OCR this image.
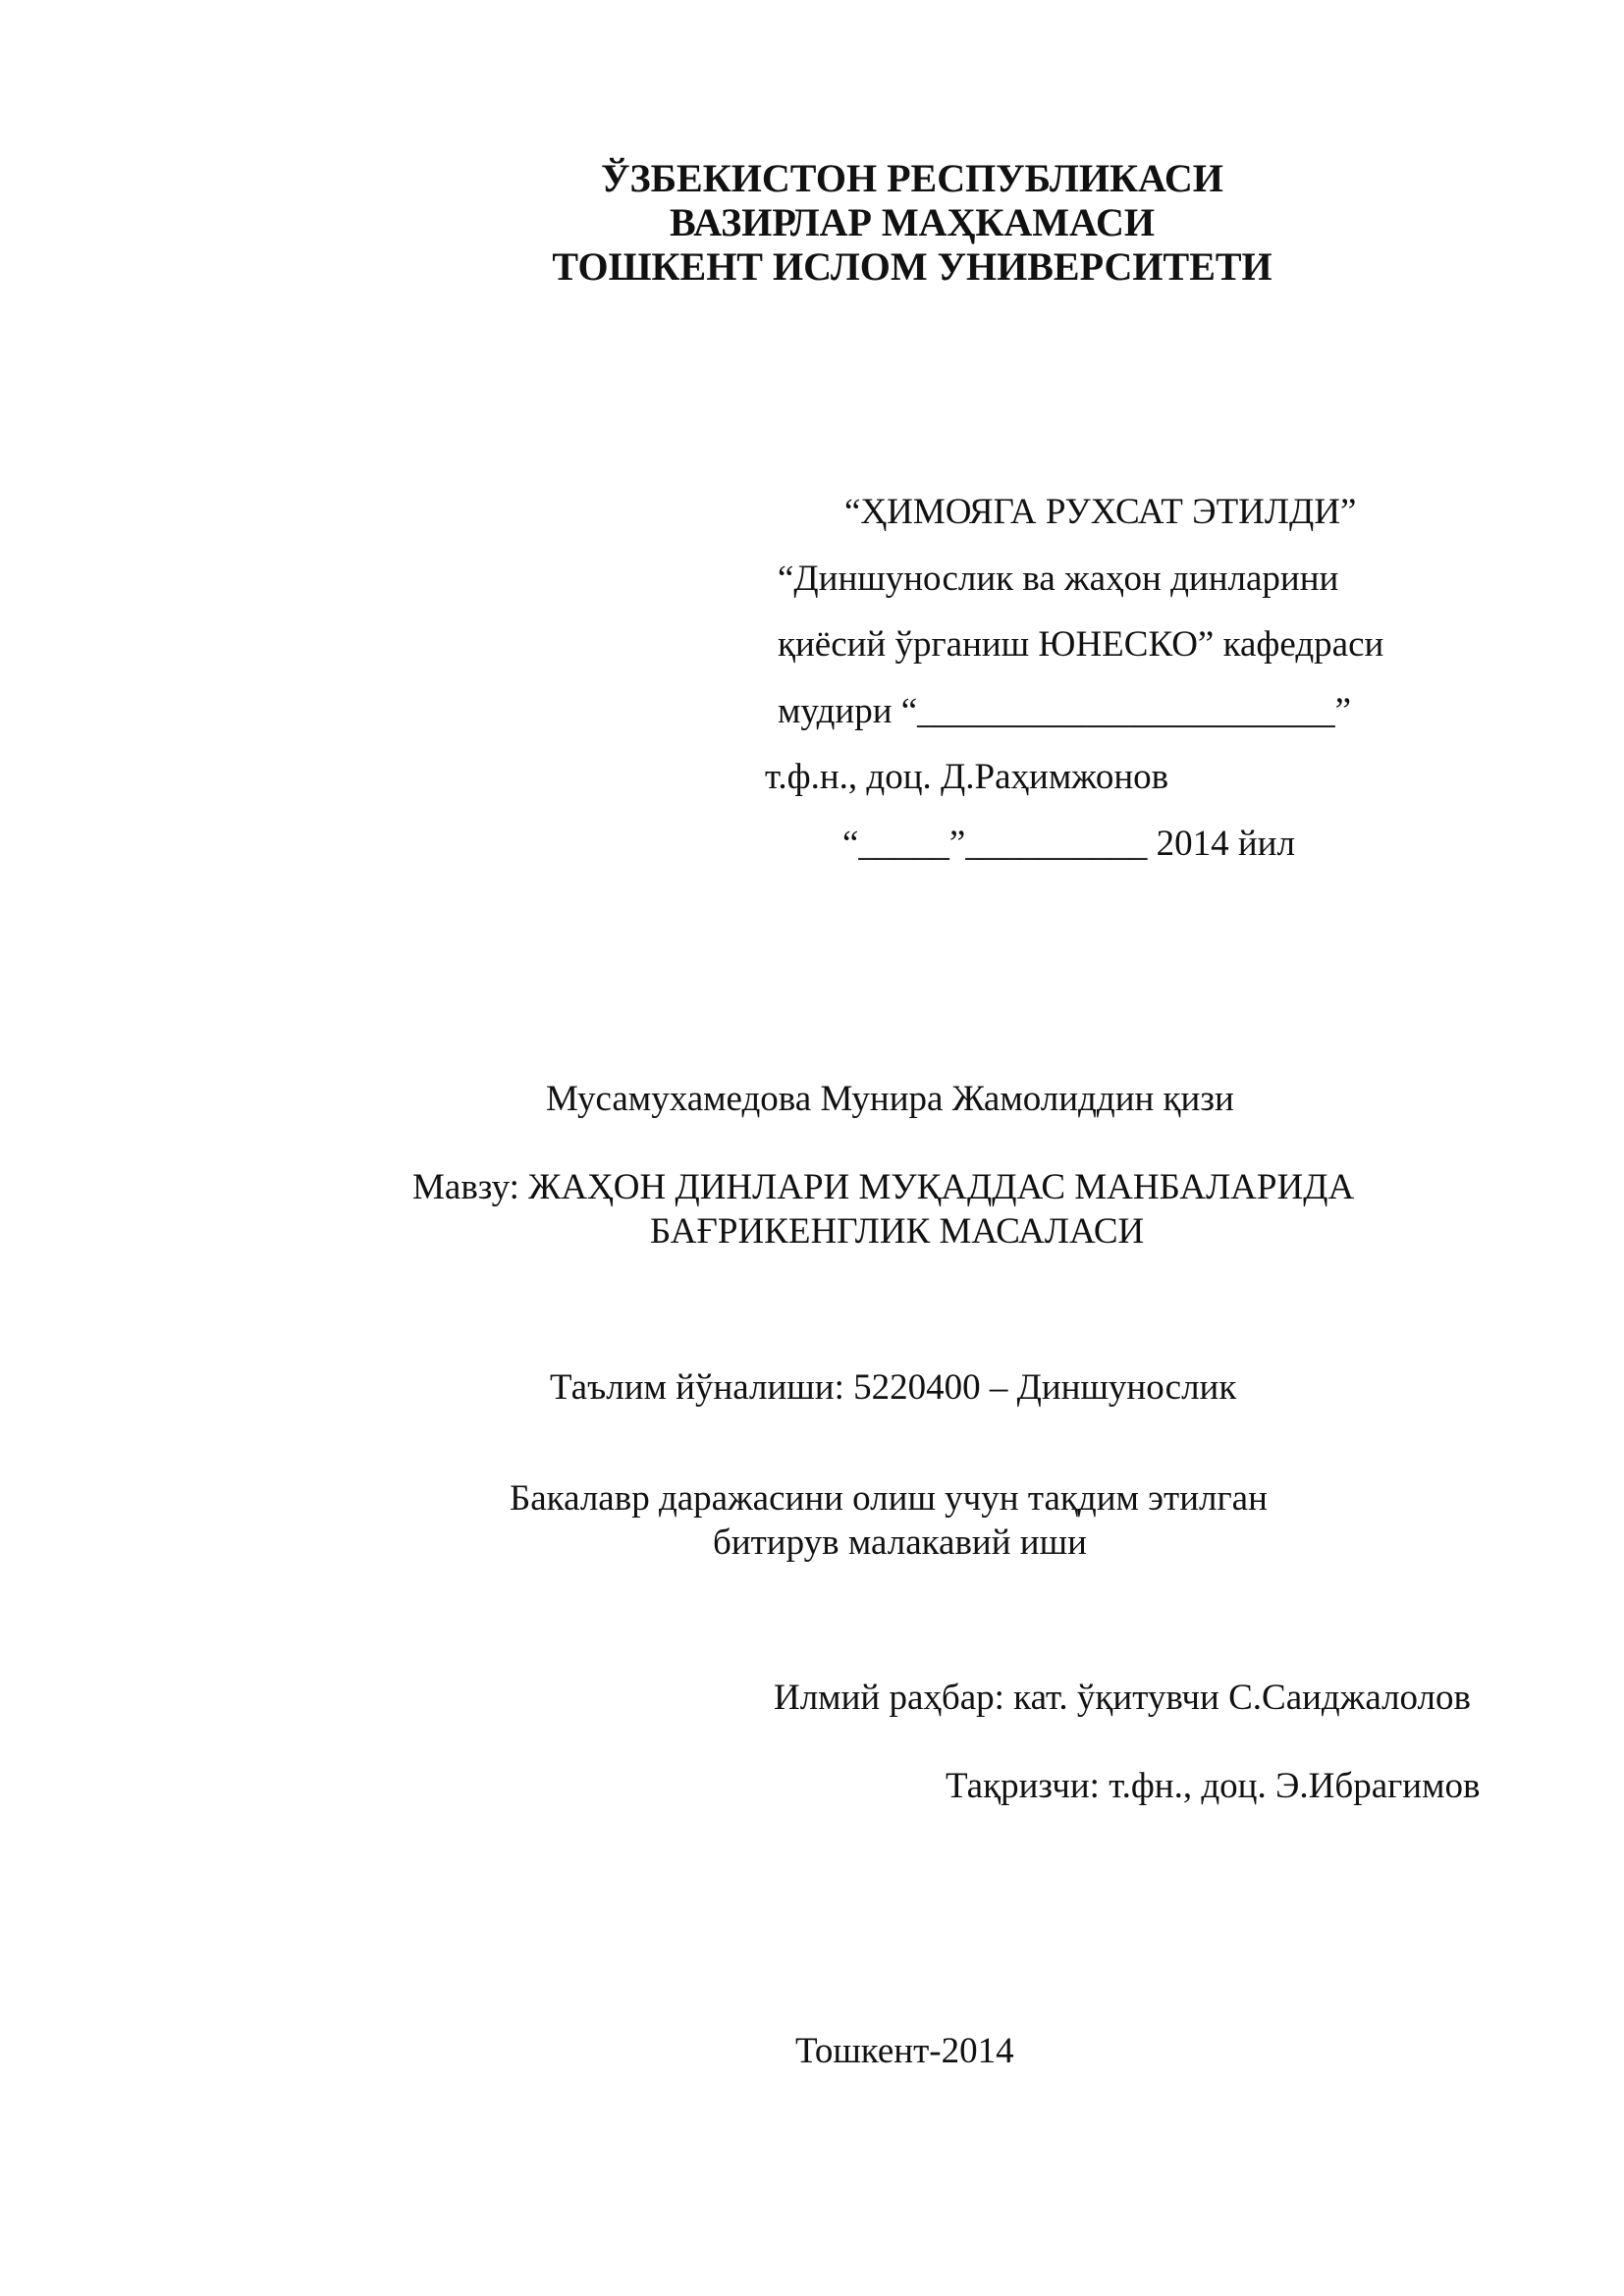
ЎЗБЕКИСТОН РЕСПУБЛИКАСИ
ВАЗИРЛАР МАҲКАМАСИ
ТОШКЕНТ ИСЛОМ УНИВЕРСИТЕТИ
“ҲИМОЯГА РУХСАТ ЭТИЛДИ”
“Диншунослик ва жаҳон динларини
қиёсий ўрганиш ЮНЕСКО” кафедраси
мудири “_______________________”
т.ф.н., доц. Д.Раҳимжонов
“_____”__________ 2014 йил
Мусамухамедова Мунира Жамолиддин қизи
Мавзу: ЖАҲОН ДИНЛАРИ МУҚАДДАС МАНБАЛАРИДА
БАҒРИКЕНГЛИК МАСАЛАСИ
Таълим йўналиши: 5220400 – Диншунослик
Бакалавр даражасини олиш учун тақдим этилган
битирув малакавий иши
Илмий раҳбар: кат. ўқитувчи С.Саиджалолов
Тақризчи: т.фн., доц. Э.Ибрагимов
Тошкент-2014
